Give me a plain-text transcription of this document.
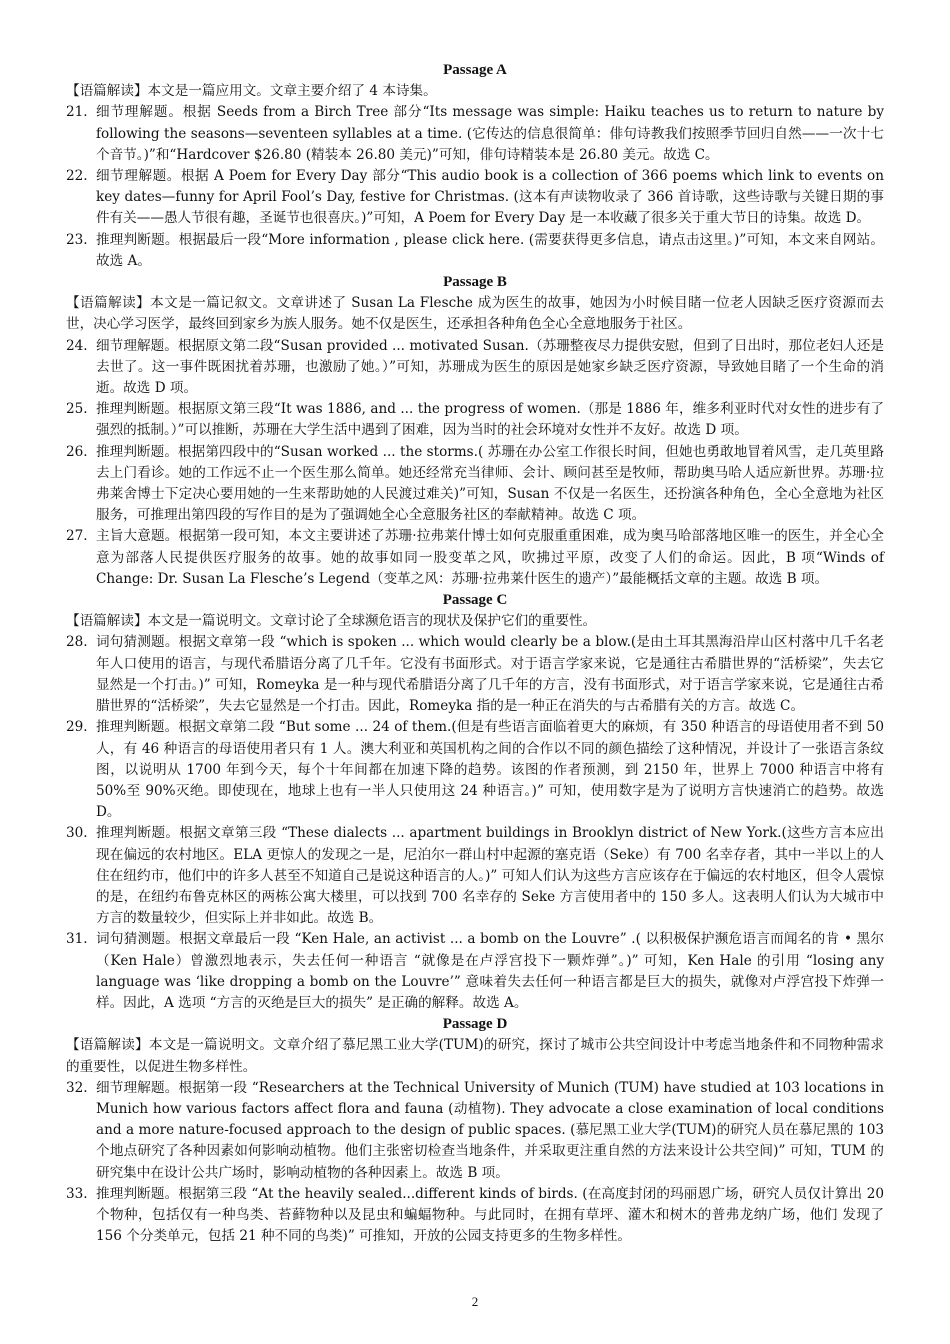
Passage A

【语篇解读】本文是一篇应用文。文章主要介绍了 4 本诗集。

21. 细节理解题。根据 Seeds from a Birch Tree 部分“Its message was simple: Haiku teaches us to return to nature by following the seasons—seventeen syllables at a time. (它传达的信息很简单：俳句诗教我们按照季节回归自然——一次十七个音节。)”和“Hardcover $26.80 (精装本 26.80 美元)”可知，俳句诗精装本是 26.80 美元。故选 C。
22. 细节理解题。根据 A Poem for Every Day 部分“This audio book is a collection of 366 poems which link to events on key dates—funny for April Fool’s Day, festive for Christmas. (这本有声读物收录了 366 首诗歌，这些诗歌与关键日期的事件有关——愚人节很有趣，圣诞节也很喜庆。)”可知，A Poem for Every Day 是一本收藏了很多关于重大节日的诗集。故选 D。
23. 推理判断题。根据最后一段“More information , please click here. (需要获得更多信息，请点击这里。)”可知，本文来自网站。故选 A。

Passage B

【语篇解读】本文是一篇记叙文。文章讲述了 Susan La Flesche 成为医生的故事，她因为小时候目睹一位老人因缺乏医疗资源而去世，决心学习医学，最终回到家乡为族人服务。她不仅是医生，还承担各种角色全心全意地服务于社区。

24. 细节理解题。根据原文第二段“Susan provided ... motivated Susan.（苏珊整夜尽力提供安慰，但到了日出时，那位老妇人还是去世了。这一事件既困扰着苏珊，也激励了她。）”可知，苏珊成为医生的原因是她家乡缺乏医疗资源，导致她目睹了一个生命的消逝。故选 D 项。
25. 推理判断题。根据原文第三段“It was 1886, and ... the progress of women.（那是 1886 年，维多利亚时代对女性的进步有了强烈的抵制。）”可以推断，苏珊在大学生活中遇到了困难，因为当时的社会环境对女性并不友好。故选 D 项。
26. 推理判断题。根据第四段中的“Susan worked ... the storms.( 苏珊在办公室工作很长时间，但她也勇敢地冒着风雪，走几英里路去上门看诊。她的工作远不止一个医生那么简单。她还经常充当律师、会计、顾问甚至是牧师，帮助奥马哈人适应新世界。苏珊·拉弗莱舍博士下定决心要用她的一生来帮助她的人民渡过难关)”可知，Susan 不仅是一名医生，还扮演各种角色，全心全意地为社区服务，可推理出第四段的写作目的是为了强调她全心全意服务社区的奉献精神。故选 C 项。
27. 主旨大意题。根据第一段可知，本文主要讲述了苏珊·拉弗莱什博士如何克服重重困难，成为奥马哈部落地区唯一的医生，并全心全意为部落人民提供医疗服务的故事。她的故事如同一股变革之风，吹拂过平原，改变了人们的命运。因此，B 项“Winds of Change: Dr. Susan La Flesche’s Legend（变革之风：苏珊·拉弗莱什医生的遗产）”最能概括文章的主题。故选 B 项。

Passage C

【语篇解读】本文是一篇说明文。文章讨论了全球濒危语言的现状及保护它们的重要性。

28. 词句猜测题。根据文章第一段 “which is spoken ... which would clearly be a blow.(是由土耳其黑海沿岸山区村落中几千名老年人口使用的语言，与现代希腊语分离了几千年。它没有书面形式。对于语言学家来说，它是通往古希腊世界的“活桥梁”，失去它显然是一个打击。)” 可知，Romeyka 是一种与现代希腊语分离了几千年的方言，没有书面形式，对于语言学家来说，它是通往古希腊世界的“活桥梁”，失去它显然是一个打击。因此，Romeyka 指的是一种正在消失的与古希腊有关的方言。故选 C。
29. 推理判断题。根据文章第二段 “But some ... 24 of them.(但是有些语言面临着更大的麻烦，有 350 种语言的母语使用者不到 50 人，有 46 种语言的母语使用者只有 1 人。澳大利亚和英国机构之间的合作以不同的颜色描绘了这种情况，并设计了一张语言条纹图，以说明从 1700 年到今天，每个十年间都在加速下降的趋势。该图的作者预测，到 2150 年，世界上 7000 种语言中将有 50%至 90%灭绝。即使现在，地球上也有一半人只使用这 24 种语言。)” 可知，使用数字是为了说明方言快速消亡的趋势。故选 D。
30. 推理判断题。根据文章第三段 “These dialects ... apartment buildings in Brooklyn district of New York.(这些方言本应出现在偏远的农村地区。ELA 更惊人的发现之一是，尼泊尔一群山村中起源的塞克语（Seke）有 700 名幸存者，其中一半以上的人住在纽约市，他们中的许多人甚至不知道自己是说这种语言的人。)” 可知人们认为这些方言应该存在于偏远的农村地区，但令人震惊的是，在纽约布鲁克林区的两栋公寓大楼里，可以找到 700 名幸存的 Seke 方言使用者中的 150 多人。这表明人们认为大城市中方言的数量较少，但实际上并非如此。故选 B。
31. 词句猜测题。根据文章最后一段 “Ken Hale, an activist ... a bomb on the Louvre” .( 以积极保护濒危语言而闻名的肯 • 黑尔（Ken Hale）曾激烈地表示，失去任何一种语言 “就像是在卢浮宫投下一颗炸弹”。)” 可知，Ken Hale 的引用 “losing any language was ‘like dropping a bomb on the Louvre’” 意味着失去任何一种语言都是巨大的损失，就像对卢浮宫投下炸弹一样。因此，A 选项 “方言的灭绝是巨大的损失” 是正确的解释。故选 A。

Passage D

【语篇解读】本文是一篇说明文。文章介绍了慕尼黑工业大学(TUM)的研究，探讨了城市公共空间设计中考虑当地条件和不同物种需求的重要性，以促进生物多样性。

32. 细节理解题。根据第一段 “Researchers at the Technical University of Munich (TUM) have studied at 103 locations in Munich how various factors affect flora and fauna (动植物). They advocate a close examination of local conditions and a more nature-focused approach to the design of public spaces. (慕尼黑工业大学(TUM)的研究人员在慕尼黑的 103 个地点研究了各种因素如何影响动植物。他们主张密切检查当地条件，并采取更注重自然的方法来设计公共空间)” 可知，TUM 的研究集中在设计公共广场时，影响动植物的各种因素上。故选 B 项。
33. 推理判断题。根据第三段 “At the heavily sealed...different kinds of birds. (在高度封闭的玛丽恩广场，研究人员仅计算出 20 个物种，包括仅有一种鸟类、苔藓物种以及昆虫和蝙蝠物种。与此同时，在拥有草坪、灌木和树木的普弗龙纳广场，他们 发现了 156 个分类单元，包括 21 种不同的鸟类)” 可推知，开放的公园支持更多的生物多样性。
2
